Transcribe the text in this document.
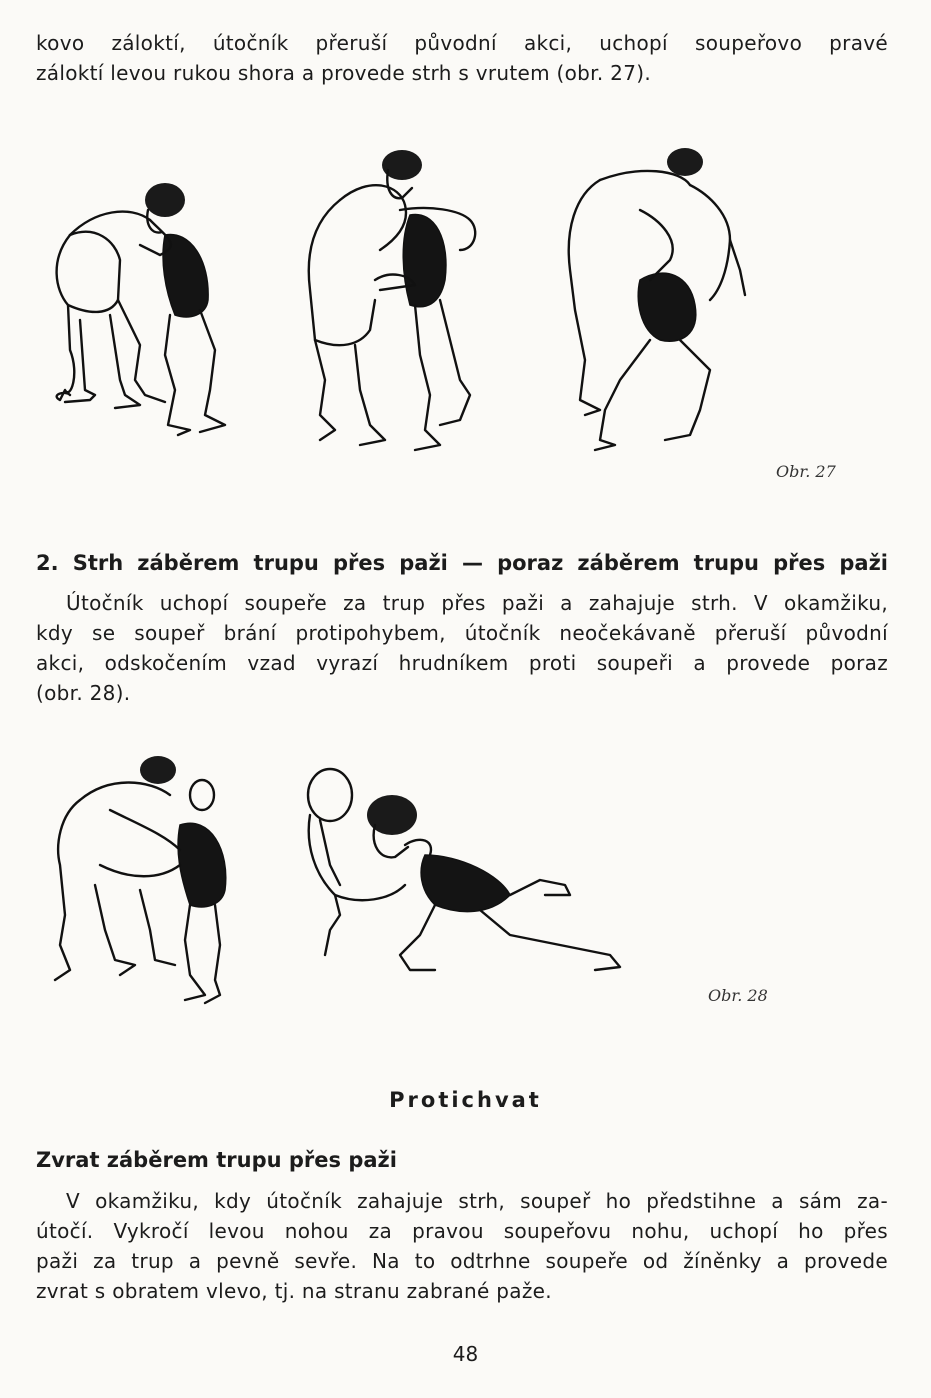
kovo záloktí, útočník přeruší původní akci, uchopí soupeřovo pravé
záloktí levou rukou shora a provede strh s vrutem (obr. 27).
Obr. 27
2. Strh záběrem trupu přes paži — poraz záběrem trupu přes paži
Útočník uchopí soupeře za trup přes paži a zahajuje strh. V okamžiku,
kdy se soupeř brání protipohybem, útočník neočekávaně přeruší původní
akci, odskočením vzad vyrazí hrudníkem proti soupeři a provede poraz
(obr. 28).
Obr. 28
Protichvat
Zvrat záběrem trupu přes paži
V okamžiku, kdy útočník zahajuje strh, soupeř ho předstihne a sám za-
útočí. Vykročí levou nohou za pravou soupeřovu nohu, uchopí ho přes
paži za trup a pevně sevře. Na to odtrhne soupeře od žíněnky a provede
zvrat s obratem vlevo, tj. na stranu zabrané paže.
48
